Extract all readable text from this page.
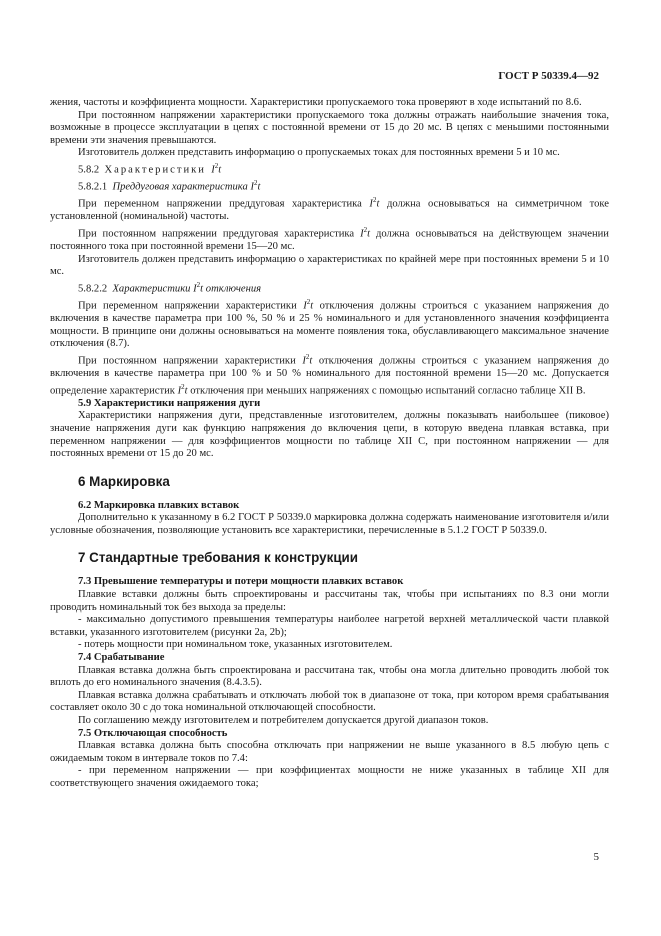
ГОСТ Р 50339.4—92

жения, частоты и коэффициента мощности. Характеристики пропускаемого тока проверяют в ходе испытаний по 8.6.

При постоянном напряжении характеристики пропускаемого тока должны отражать наибольшие значения тока, возможные в процессе эксплуатации в цепях с постоянной времени от 15 до 20 мс. В цепях с меньшими постоянными времени эти значения превышаются.

Изготовитель должен представить информацию о пропускаемых токах для постоянных времени 5 и 10 мс.

5.8.2 Характеристики $I^2t$

5.8.2.1 Преддуговая характеристика $I^2t$

При переменном напряжении преддуговая характеристика $I^2t$ должна основываться на симметричном токе установленной (номинальной) частоты.

При постоянном напряжении преддуговая характеристика $I^2t$ должна основываться на действующем значении постоянного тока при постоянной времени 15—20 мс.

Изготовитель должен представить информацию о характеристиках по крайней мере при постоянных времени 5 и 10 мс.

5.8.2.2 Характеристики $I^2t$ отключения

При переменном напряжении характеристики $I^2t$ отключения должны строиться с указанием напряжения до включения в качестве параметра при 100 %, 50 % и 25 % номинального и для установленного значения коэффициента мощности. В принципе они должны основываться на моменте появления тока, обуславливающего максимальное значение отключения (8.7).

При постоянном напряжении характеристики $I^2t$ отключения должны строиться с указанием напряжения до включения в качестве параметра при 100 % и 50 % номинального для постоянной времени 15—20 мс. Допускается определение характеристик $I^2t$ отключения при меньших напряжениях с помощью испытаний согласно таблице XII В.

5.9 Характеристики напряжения дуги

Характеристики напряжения дуги, представленные изготовителем, должны показывать наибольшее (пиковое) значение напряжения дуги как функцию напряжения до включения цепи, в которую введена плавкая вставка, при переменном напряжении — для коэффициентов мощности по таблице XII С, при постоянном напряжении — для постоянных времени от 15 до 20 мс.

6 Маркировка

6.2 Маркировка плавких вставок

Дополнительно к указанному в 6.2 ГОСТ Р 50339.0 маркировка должна содержать наименование изготовителя и/или условные обозначения, позволяющие установить все характеристики, перечисленные в 5.1.2 ГОСТ Р 50339.0.

7 Стандартные требования к конструкции

7.3 Превышение температуры и потери мощности плавких вставок

Плавкие вставки должны быть спроектированы и рассчитаны так, чтобы при испытаниях по 8.3 они могли проводить номинальный ток без выхода за пределы:

- максимально допустимого превышения температуры наиболее нагретой верхней металлической части плавкой вставки, указанного изготовителем (рисунки 2а, 2b);

- потерь мощности при номинальном токе, указанных изготовителем.

7.4 Срабатывание

Плавкая вставка должна быть спроектирована и рассчитана так, чтобы она могла длительно проводить любой ток вплоть до его номинального значения (8.4.3.5).

Плавкая вставка должна срабатывать и отключать любой ток в диапазоне от тока, при котором время срабатывания составляет около 30 с до тока номинальной отключающей способности.

По соглашению между изготовителем и потребителем допускается другой диапазон токов.

7.5 Отключающая способность

Плавкая вставка должна быть способна отключать при напряжении не выше указанного в 8.5 любую цепь с ожидаемым током в интервале токов по 7.4:

- при переменном напряжении — при коэффициентах мощности не ниже указанных в таблице XII для соответствующего значения ожидаемого тока;

5
